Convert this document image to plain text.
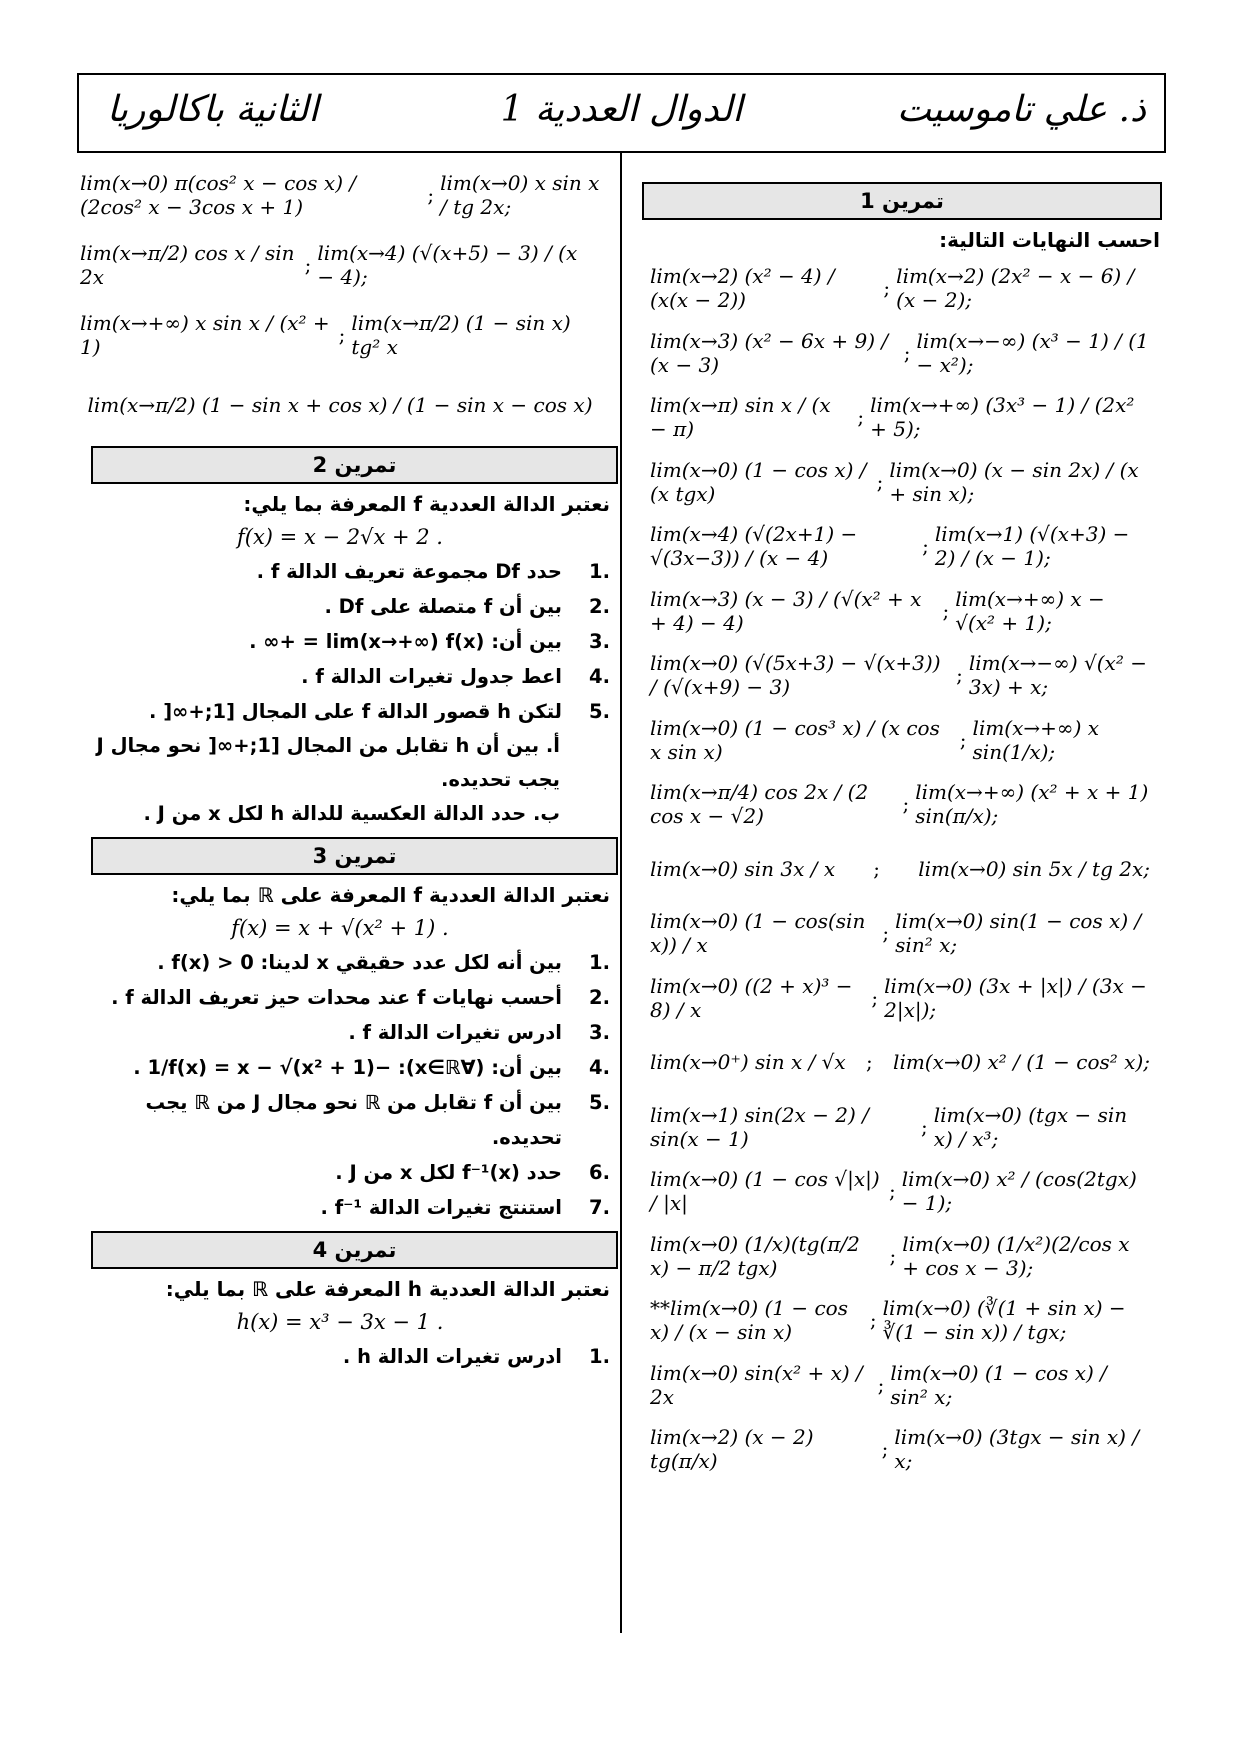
ذ. علي تاموسيت
الدوال العددية 1
الثانية باكالوريا
تمرين 1
احسب النهايات التالية:
lim(x→2) (x² − 4) / (x(x − 2))	; lim(x→2) (2x² − x − 6) / (x − 2);
lim(x→3) (x² − 6x + 9) / (x − 3)	; lim(x→−∞) (x³ − 1) / (1 − x²);
lim(x→π) sin x / (x − π)	; lim(x→+∞) (3x³ − 1) / (2x² + 5);
lim(x→0) (1 − cos x) / (x tgx)	; lim(x→0) (x − sin 2x) / (x + sin x);
lim(x→4) (√(2x+1) − √(3x−3)) / (x − 4)	; lim(x→1) (√(x+3) − 2) / (x − 1);
lim(x→3) (x − 3) / (√(x² + x + 4) − 4)	; lim(x→+∞) x − √(x² + 1);
lim(x→0) (√(5x+3) − √(x+3)) / (√(x+9) − 3)	; lim(x→−∞) √(x² − 3x) + x;
lim(x→0) (1 − cos³ x) / (x cos x sin x)	; lim(x→+∞) x sin(1/x);
lim(x→π/4) cos 2x / (2 cos x − √2)	; lim(x→+∞) (x² + x + 1) sin(π/x);
lim(x→0) sin 3x / x	;	lim(x→0) sin 5x / tg 2x;
lim(x→0) (1 − cos(sin x)) / x	; lim(x→0) sin(1 − cos x) / sin² x;
lim(x→0) ((2 + x)³ − 8) / x	; lim(x→0) (3x + |x|) / (3x − 2|x|);
lim(x→0⁺) sin x / √x	;	lim(x→0) x² / (1 − cos² x);
lim(x→1) sin(2x − 2) / sin(x − 1)	; lim(x→0) (tgx − sin x) / x³;
lim(x→0) (1 − cos √|x|) / |x|	; lim(x→0) x² / (cos(2tgx) − 1);
lim(x→0) (1/x)(tg(π/2 x) − π/2 tgx)	; lim(x→0) (1/x²)(2/cos x + cos x − 3);
**lim(x→0) (1 − cos x) / (x − sin x)	; lim(x→0) (∛(1 + sin x) − ∛(1 − sin x)) / tgx;
lim(x→0) sin(x² + x) / 2x	; lim(x→0) (1 − cos x) / sin² x;
lim(x→2) (x − 2) tg(π/x)	; lim(x→0) (3tgx − sin x) / x;
lim(x→0) π(cos² x − cos x) / (2cos² x − 3cos x + 1)	; lim(x→0) x sin x / tg 2x;
lim(x→π/2) cos x / sin 2x	; lim(x→4) (√(x+5) − 3) / (x − 4);
lim(x→+∞) x sin x / (x² + 1)	; lim(x→π/2) (1 − sin x) tg² x
lim(x→π/2) (1 − sin x + cos x) / (1 − sin x − cos x)
تمرين 2
نعتبر الدالة العددية f المعرفة بما يلي:
f(x) = x − 2√x + 2 .
.1
حدد Df مجموعة تعريف الدالة f .
.2
بين أن f متصلة على Df .
.3
بين أن: lim(x→+∞) f(x) = +∞ .
.4
اعط جدول تغيرات الدالة f .
.5
لتكن h قصور الدالة f على المجال [1;+∞[ .
أ. بين أن h تقابل من المجال [1;+∞[ نحو مجال J يجب تحديده.
ب. حدد الدالة العكسية للدالة h لكل x من J .
تمرين 3
نعتبر الدالة العددية f المعرفة على ℝ بما يلي:
f(x) = x + √(x² + 1) .
.1
بين أنه لكل عدد حقيقي x لدينا: f(x) > 0 .
.2
أحسب نهايات f عند محدات حيز تعريف الدالة f .
.3
ادرس تغيرات الدالة f .
.4
بين أن: (∀x∈ℝ): −1/f(x) = x − √(x² + 1) .
.5
بين أن f تقابل من ℝ نحو مجال J من ℝ يجب تحديده.
.6
حدد f⁻¹(x) لكل x من J .
.7
استنتج تغيرات الدالة f⁻¹ .
تمرين 4
نعتبر الدالة العددية h المعرفة على ℝ بما يلي:
h(x) = x³ − 3x − 1 .
.1
ادرس تغيرات الدالة h .
